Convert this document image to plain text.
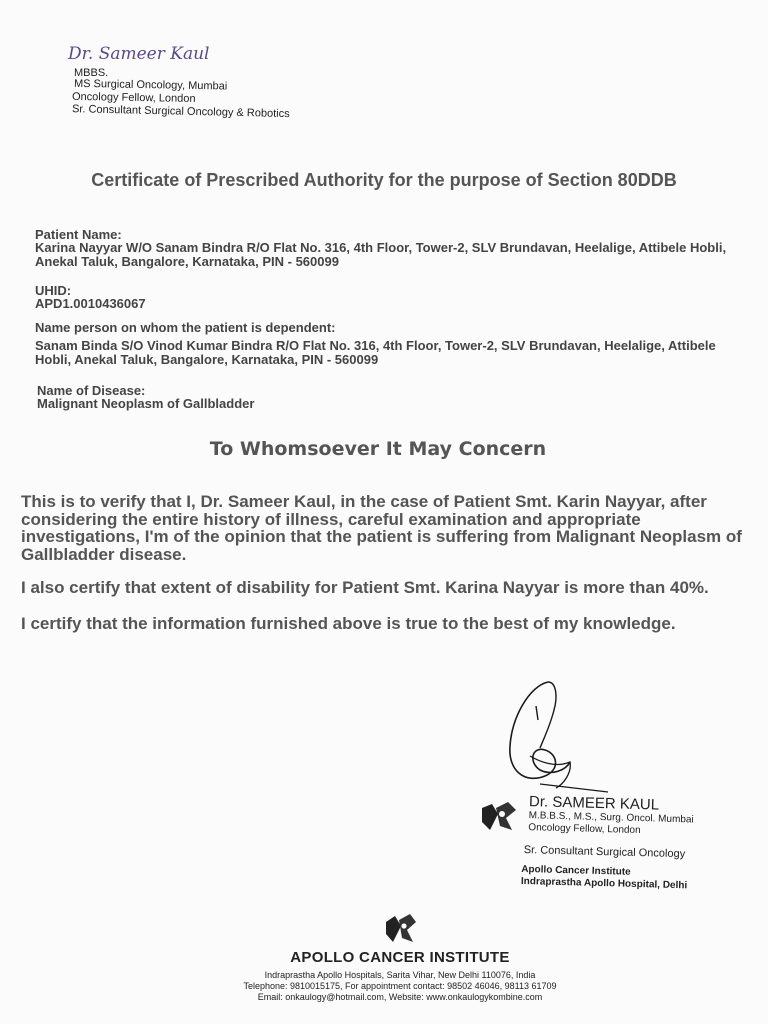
Dr. Sameer Kaul
MBBS.
MS Surgical Oncology, Mumbai
Oncology Fellow, London
Sr. Consultant Surgical Oncology & Robotics
Certificate of Prescribed Authority for the purpose of Section 80DDB
Patient Name:
Karina Nayyar W/O Sanam Bindra R/O Flat No. 316, 4th Floor, Tower-2, SLV Brundavan, Heelalige, Attibele Hobli, Anekal Taluk, Bangalore, Karnataka, PIN - 560099
UHID:
APD1.0010436067
Name person on whom the patient is dependent:
Sanam Binda S/O Vinod Kumar Bindra R/O Flat No. 316, 4th Floor, Tower-2, SLV Brundavan, Heelalige, Attibele Hobli, Anekal Taluk, Bangalore, Karnataka, PIN - 560099
Name of Disease:
Malignant Neoplasm of Gallbladder
To Whomsoever It May Concern
This is to verify that I, Dr. Sameer Kaul, in the case of Patient Smt. Karin Nayyar, after considering the entire history of illness, careful examination and appropriate investigations, I'm of the opinion that the patient is suffering from Malignant Neoplasm of Gallbladder disease.
I also certify that extent of disability for Patient Smt. Karina Nayyar is more than 40%.
I certify that the information furnished above is true to the best of my knowledge.
Dr. SAMEER KAUL
M.B.B.S., M.S., Surg. Oncol. Mumbai
Oncology Fellow, London
Sr. Consultant Surgical Oncology
Apollo Cancer Institute
Indraprastha Apollo Hospital, Delhi
APOLLO CANCER INSTITUTE
Indraprastha Apollo Hospitals, Sarita Vihar, New Delhi 110076, India
Telephone: 9810015175, For appointment contact: 98502 46046, 98113 61709
Email: onkaulogy@hotmail.com, Website: www.onkaulogykombine.com
